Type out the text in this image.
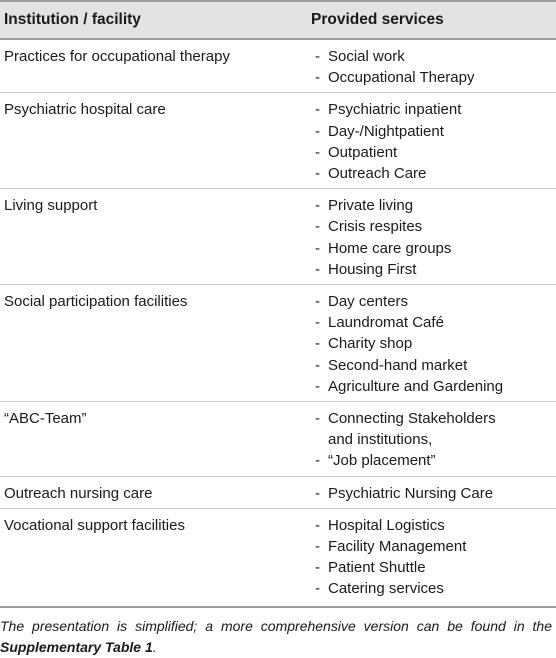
Institution / facility	Provided services
Practices for occupational therapy	- Social work
- Occupational Therapy
Psychiatric hospital care	- Psychiatric inpatient
- Day-/Nightpatient
- Outpatient
- Outreach Care
Living support	- Private living
- Crisis respites
- Home care groups
- Housing First
Social participation facilities	- Day centers
- Laundromat Café
- Charity shop
- Second-hand market
- Agriculture and Gardening
“ABC-Team”	- Connecting Stakeholders
and institutions,
- “Job placement”
Outreach nursing care	- Psychiatric Nursing Care
Vocational support facilities	- Hospital Logistics
- Facility Management
- Patient Shuttle
- Catering services
The presentation is simplified; a more comprehensive version can be found in the Supplementary Table 1.
